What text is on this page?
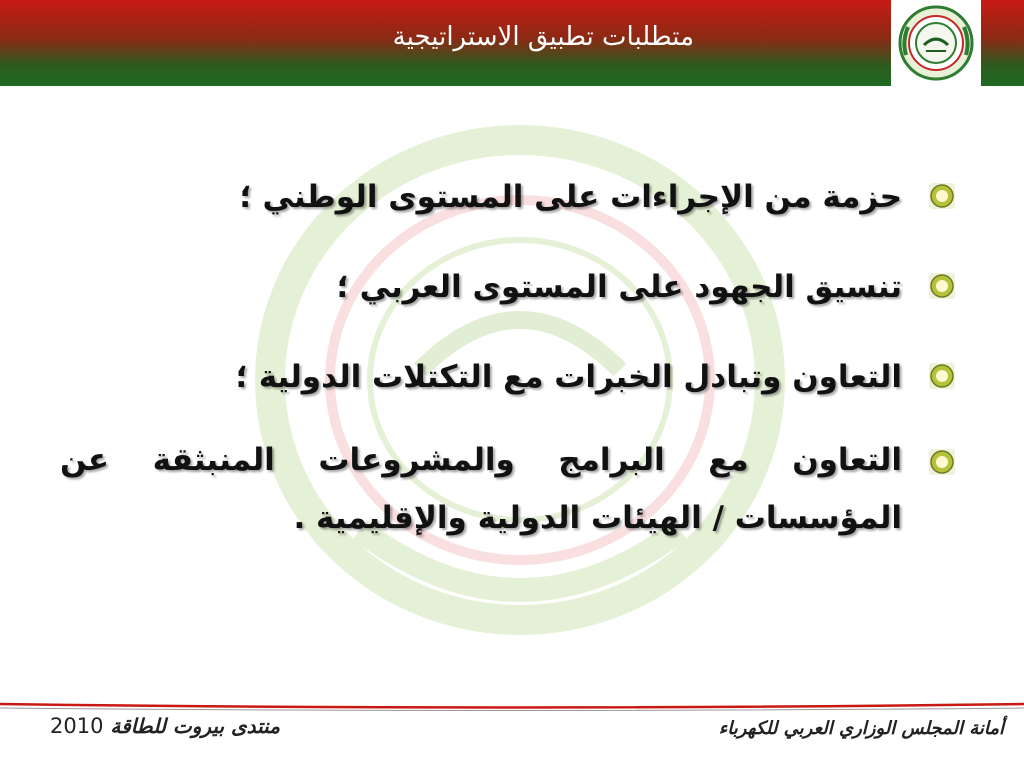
متطلبات تطبيق الاستراتيجية
حزمة من الإجراءات على المستوى الوطني ؛
تنسيق الجهود على المستوى العربي ؛
التعاون وتبادل الخبرات مع التكتلات الدولية ؛
التعاون مع البرامج والمشروعات المنبثقة عن المؤسسات / الهيئات الدولية والإقليمية .
منتدى بيروت للطاقة 2010	أمانة المجلس الوزاري العربي للكهرباء
